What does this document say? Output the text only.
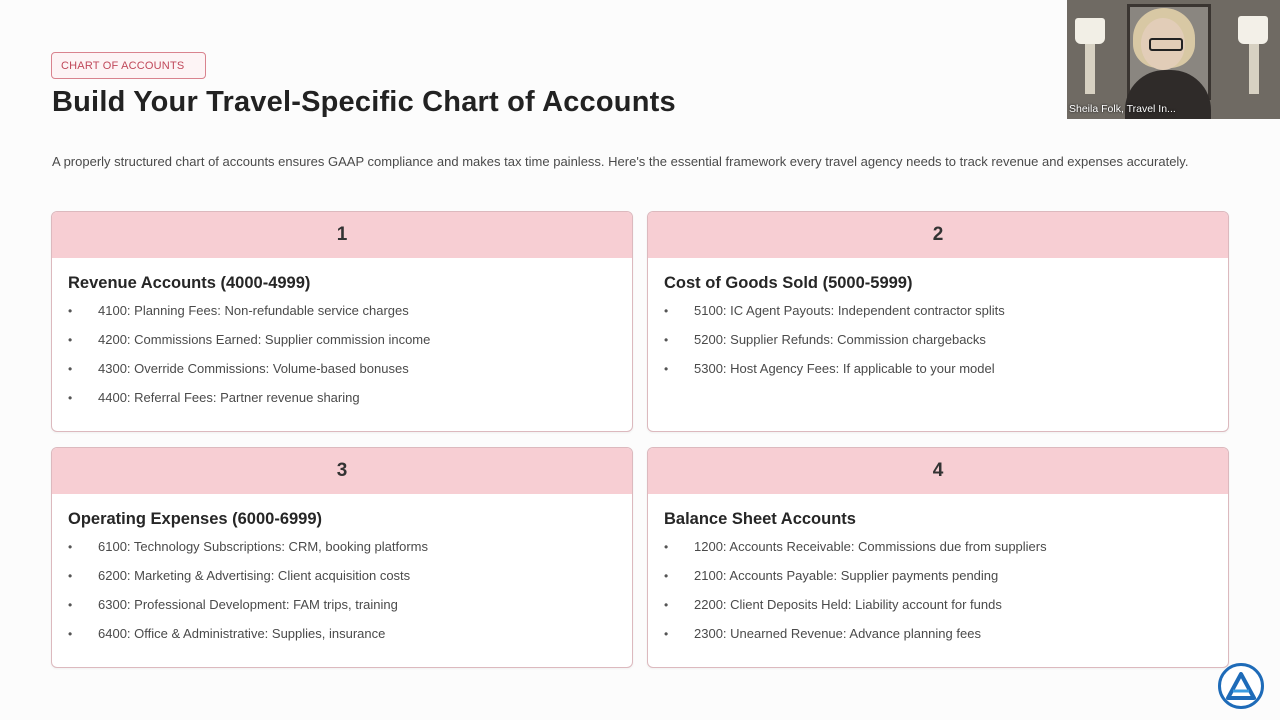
CHART OF ACCOUNTS
Build Your Travel-Specific Chart of Accounts

A properly structured chart of accounts ensures GAAP compliance and makes tax time painless. Here's the essential framework every travel agency needs to track revenue and expenses accurately.

1
Revenue Accounts (4000-4999)
• 4100: Planning Fees: Non-refundable service charges
• 4200: Commissions Earned: Supplier commission income
• 4300: Override Commissions: Volume-based bonuses
• 4400: Referral Fees: Partner revenue sharing
2
Cost of Goods Sold (5000-5999)
• 5100: IC Agent Payouts: Independent contractor splits
• 5200: Supplier Refunds: Commission chargebacks
• 5300: Host Agency Fees: If applicable to your model
3
Operating Expenses (6000-6999)
• 6100: Technology Subscriptions: CRM, booking platforms
• 6200: Marketing & Advertising: Client acquisition costs
• 6300: Professional Development: FAM trips, training
• 6400: Office & Administrative: Supplies, insurance
4
Balance Sheet Accounts
• 1200: Accounts Receivable: Commissions due from suppliers
• 2100: Accounts Payable: Supplier payments pending
• 2200: Client Deposits Held: Liability account for funds
• 2300: Unearned Revenue: Advance planning fees
Sheila Folk, Travel In...
